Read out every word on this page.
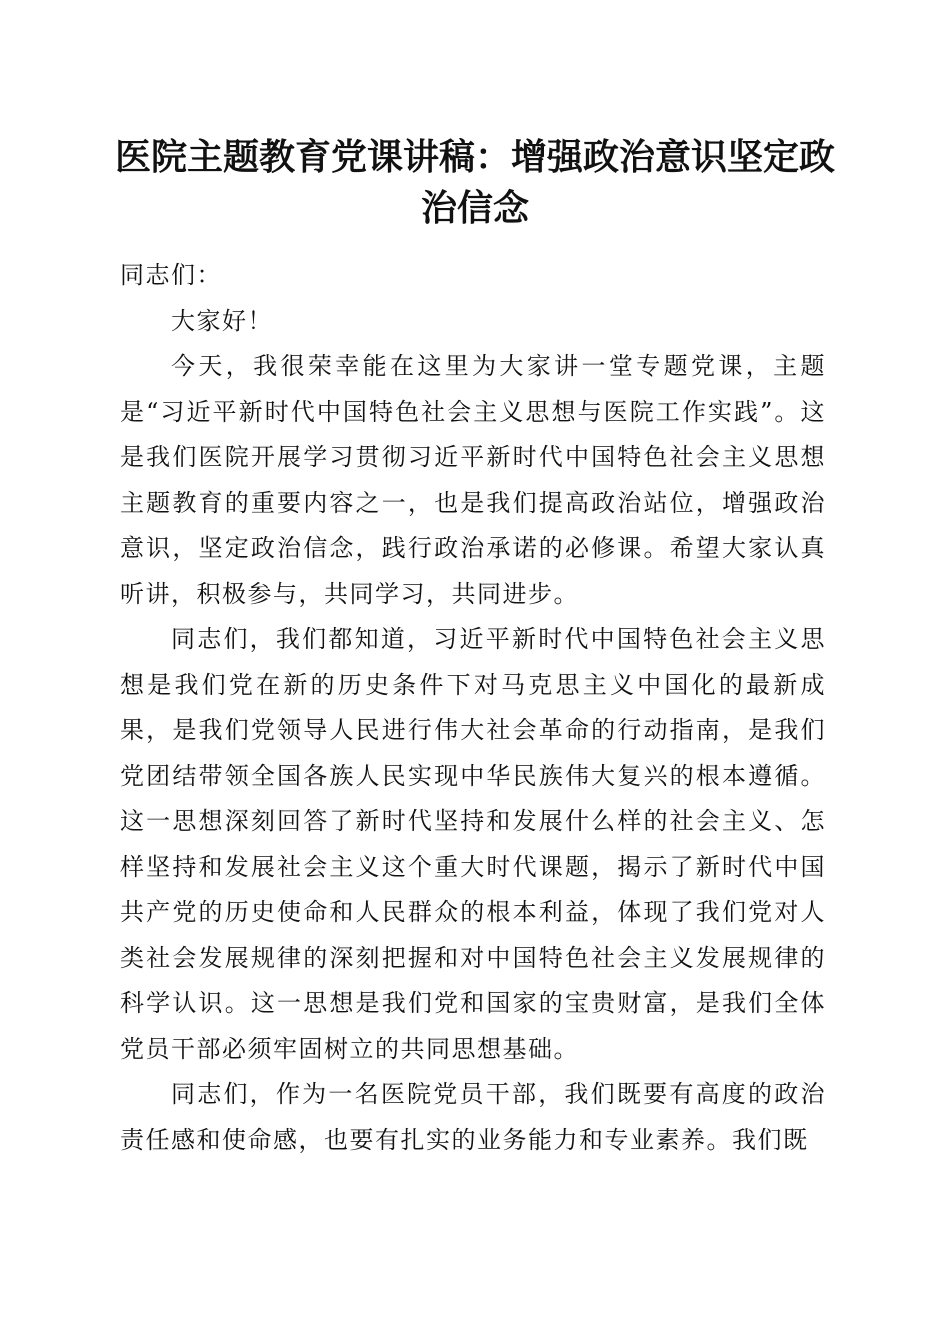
医院主题教育党课讲稿：增强政治意识坚定政治信念

同志们：

大家好！

今天，我很荣幸能在这里为大家讲一堂专题党课，主题是“习近平新时代中国特色社会主义思想与医院工作实践”。这是我们医院开展学习贯彻习近平新时代中国特色社会主义思想主题教育的重要内容之一，也是我们提高政治站位，增强政治意识，坚定政治信念，践行政治承诺的必修课。希望大家认真听讲，积极参与，共同学习，共同进步。

同志们，我们都知道，习近平新时代中国特色社会主义思想是我们党在新的历史条件下对马克思主义中国化的最新成果，是我们党领导人民进行伟大社会革命的行动指南，是我们党团结带领全国各族人民实现中华民族伟大复兴的根本遵循。这一思想深刻回答了新时代坚持和发展什么样的社会主义、怎样坚持和发展社会主义这个重大时代课题，揭示了新时代中国共产党的历史使命和人民群众的根本利益，体现了我们党对人类社会发展规律的深刻把握和对中国特色社会主义发展规律的科学认识。这一思想是我们党和国家的宝贵财富，是我们全体党员干部必须牢固树立的共同思想基础。

同志们，作为一名医院党员干部，我们既要有高度的政治责任感和使命感，也要有扎实的业务能力和专业素养。我们既
